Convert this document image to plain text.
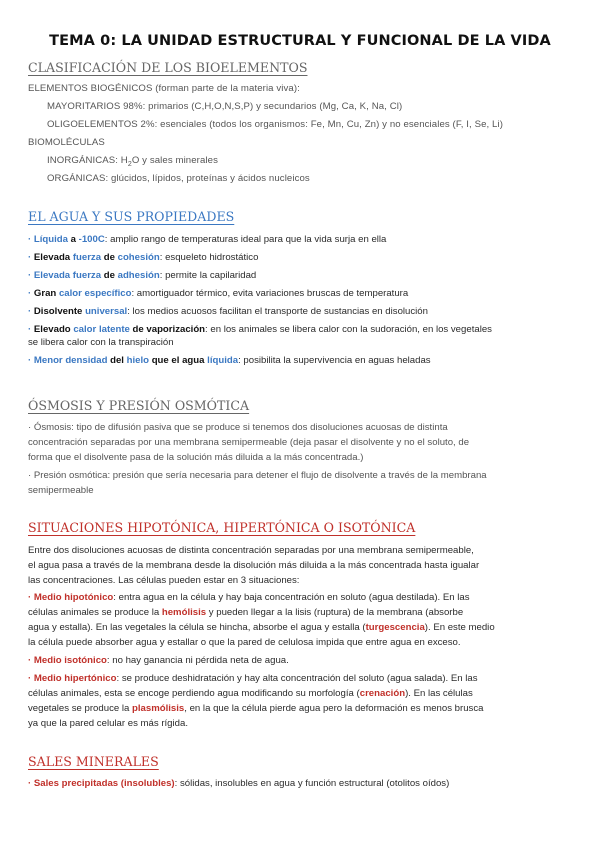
TEMA 0: LA UNIDAD ESTRUCTURAL Y FUNCIONAL DE LA VIDA
CLASIFICACIÓN DE LOS BIOELEMENTOS
ELEMENTOS BIOGÉNICOS (forman parte de la materia viva):
MAYORITARIOS 98%: primarios (C,H,O,N,S,P) y secundarios (Mg, Ca, K, Na, Cl)
OLIGOELEMENTOS 2%: esenciales (todos los organismos: Fe, Mn, Cu, Zn) y no esenciales (F, I, Se, Li)
BIOMOLÉCULAS
INORGÁNICAS: $H_2O$ y sales minerales
ORGÁNICAS: glúcidos, lípidos, proteínas y ácidos nucleicos
EL AGUA Y SUS PROPIEDADES
· Líquida a -100C: amplio rango de temperaturas ideal para que la vida surja en ella
· Elevada fuerza de cohesión: esqueleto hidrostático
· Elevada fuerza de adhesión: permite la capilaridad
· Gran calor específico: amortiguador térmico, evita variaciones bruscas de temperatura
· Disolvente universal: los medios acuosos facilitan el transporte de sustancias en disolución
· Elevado calor latente de vaporización: en los animales se libera calor con la sudoración, en los vegetales
se libera calor con la transpiración
· Menor densidad del hielo que el agua líquida: posibilita la supervivencia en aguas heladas
ÓSMOSIS Y PRESIÓN OSMÓTICA
· Ósmosis: tipo de difusión pasiva que se produce si tenemos dos disoluciones acuosas de distinta
concentración separadas por una membrana semipermeable (deja pasar el disolvente y no el soluto, de
forma que el disolvente pasa de la solución más diluida a la más concentrada.)
· Presión osmótica: presión que sería necesaria para detener el flujo de disolvente a través de la membrana
semipermeable
SITUACIONES HIPOTÓNICA, HIPERTÓNICA O ISOTÓNICA
Entre dos disoluciones acuosas de distinta concentración separadas por una membrana semipermeable,
el agua pasa a través de la membrana desde la disolución más diluida a la más concentrada hasta igualar
las concentraciones. Las células pueden estar en 3 situaciones:
· Medio hipotónico: entra agua en la célula y hay baja concentración en soluto (agua destilada). En las
células animales se produce la hemólisis y pueden llegar a la lisis (ruptura) de la membrana (absorbe
agua y estalla). En las vegetales la célula se hincha, absorbe el agua y estalla (turgescencia). En este medio
la célula puede absorber agua y estallar o que la pared de celulosa impida que entre agua en exceso.
· Medio isotónico: no hay ganancia ni pérdida neta de agua.
· Medio hipertónico: se produce deshidratación y hay alta concentración del soluto (agua salada). En las
células animales, esta se encoge perdiendo agua modificando su morfología (crenación). En las células
vegetales se produce la plasmólisis, en la que la célula pierde agua pero la deformación es menos brusca
ya que la pared celular es más rígida.
SALES MINERALES
· Sales precipitadas (insolubles): sólidas, insolubles en agua y función estructural (otolitos oídos)
